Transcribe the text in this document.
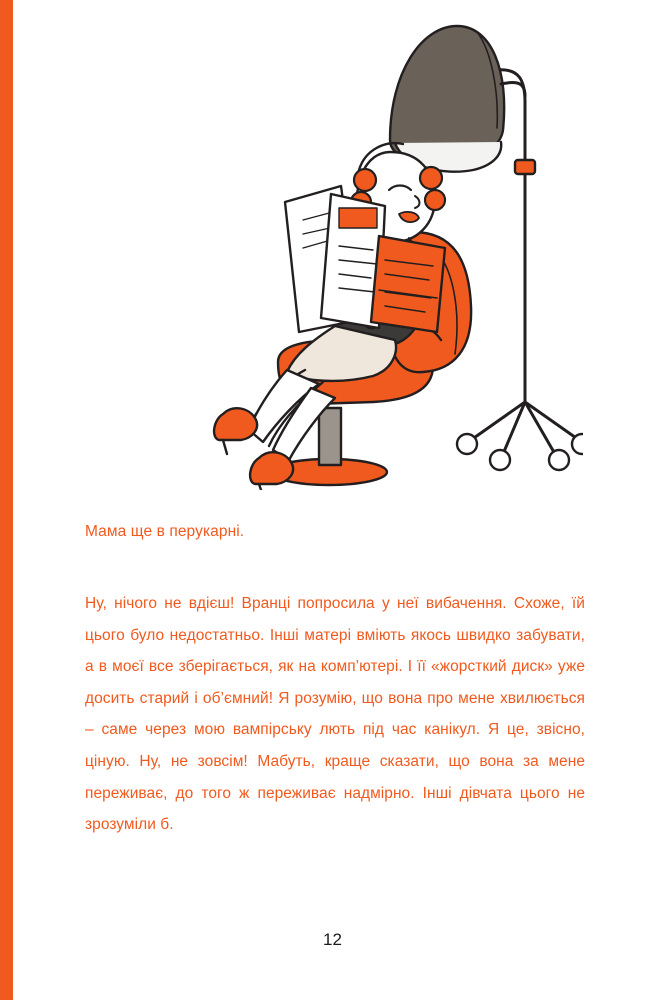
Мама ще в перукарні.
Ну, нічого не вдієш! Вранці попросила у неї вибачення. Схоже, їй цього було недостатньо. Інші матері вміють якось швидко забувати, а в моєї все зберігається, як на комп’ютері. І її «жорсткий диск» уже досить старий і об’ємний! Я розумію, що вона про мене хвилюється – саме через мою вампірську лють під час канікул. Я це, звісно, ціную. Ну, не зовсім! Мабуть, краще сказати, що вона за мене переживає, до того ж переживає надмірно. Інші дівчата цього не зрозуміли б.
12
